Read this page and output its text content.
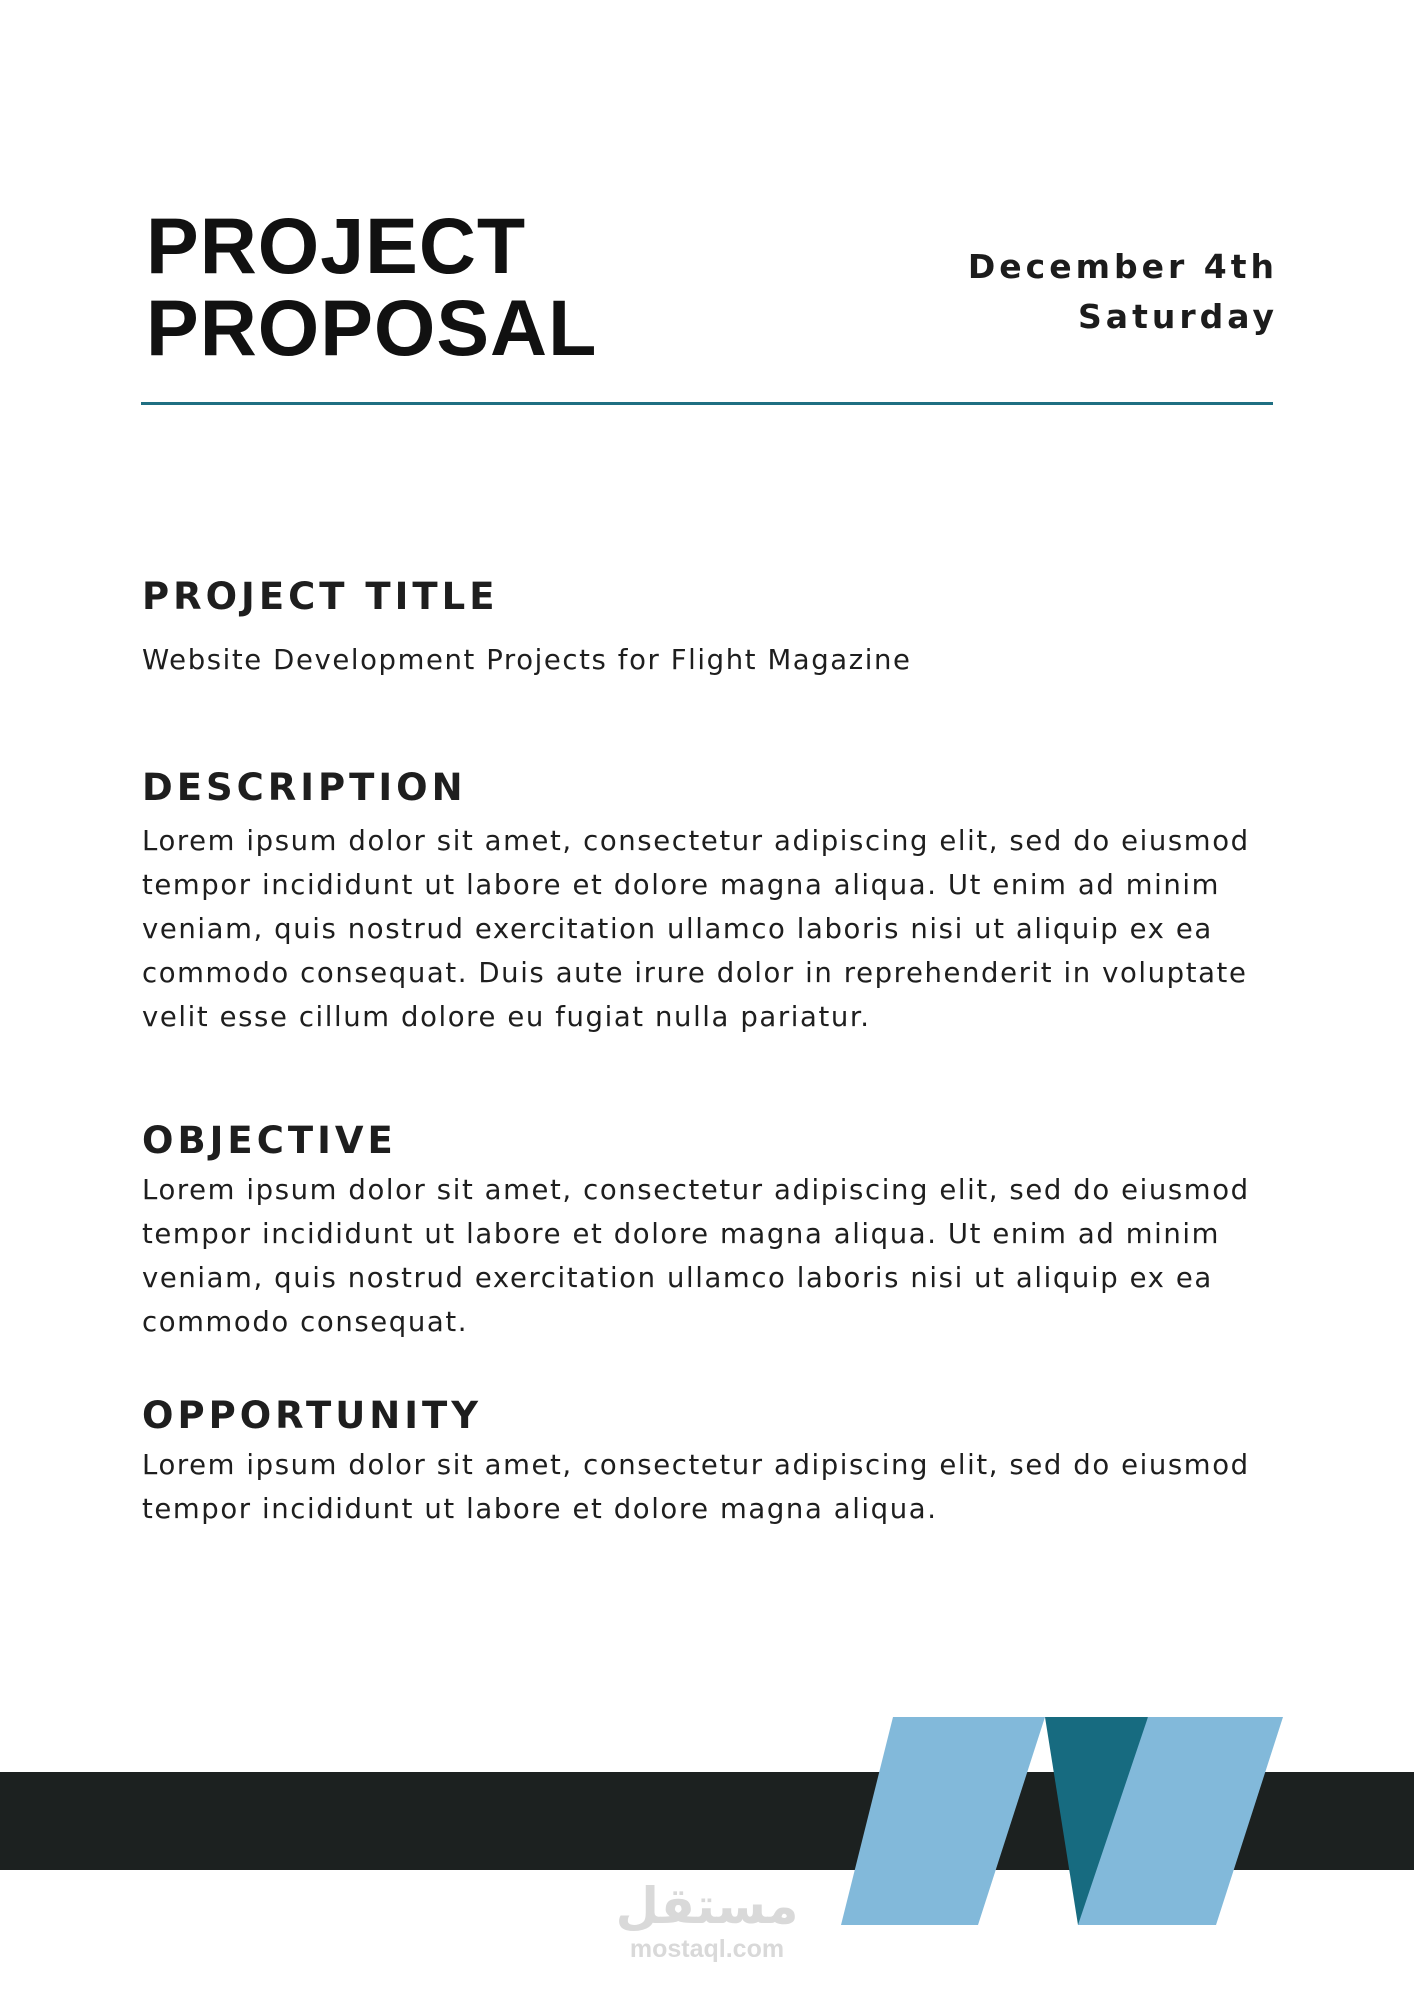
PROJECT
PROPOSAL
December 4th
Saturday
PROJECT TITLE

Website Development Projects for Flight Magazine

DESCRIPTION

Lorem ipsum dolor sit amet, consectetur adipiscing elit, sed do eiusmod tempor incididunt ut labore et dolore magna aliqua. Ut enim ad minim veniam, quis nostrud exercitation ullamco laboris nisi ut aliquip ex ea commodo consequat. Duis aute irure dolor in reprehenderit in voluptate velit esse cillum dolore eu fugiat nulla pariatur.

OBJECTIVE

Lorem ipsum dolor sit amet, consectetur adipiscing elit, sed do eiusmod tempor incididunt ut labore et dolore magna aliqua. Ut enim ad minim veniam, quis nostrud exercitation ullamco laboris nisi ut aliquip ex ea commodo consequat.

OPPORTUNITY

Lorem ipsum dolor sit amet, consectetur adipiscing elit, sed do eiusmod tempor incididunt ut labore et dolore magna aliqua.

مستقل
mostaql.com
